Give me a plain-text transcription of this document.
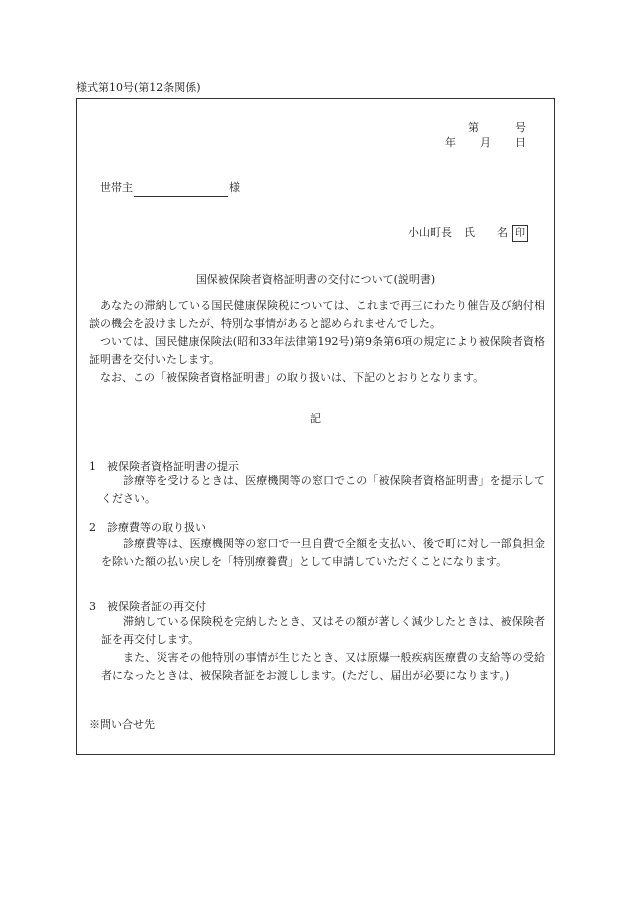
様式第10号(第12条関係)
第	号
年 月 日
世帯主	様
小山町長 氏 名 印
国保被保険者資格証明書の交付について(説明書)
あなたの滞納している国民健康保険税については、これまで再三にわたり催告及び納付相談の機会を設けましたが、特別な事情があると認められませんでした。
ついては、国民健康保険法(昭和33年法律第192号)第9条第6項の規定により被保険者資格証明書を交付いたします。
なお、この「被保険者資格証明書」の取り扱いは、下記のとおりとなります。
記
1 被保険者資格証明書の提示
診療等を受けるときは、医療機関等の窓口でこの「被保険者資格証明書」を提示してください。
2 診療費等の取り扱い
診療費等は、医療機関等の窓口で一旦自費で全額を支払い、後で町に対し一部負担金を除いた額の払い戻しを「特別療養費」として申請していただくことになります。
3 被保険者証の再交付
滞納している保険税を完納したとき、又はその額が著しく減少したときは、被保険者証を再交付します。
また、災害その他特別の事情が生じたとき、又は原爆一般疾病医療費の支給等の受給者になったときは、被保険者証をお渡しします。(ただし、届出が必要になります。)
※問い合せ先
